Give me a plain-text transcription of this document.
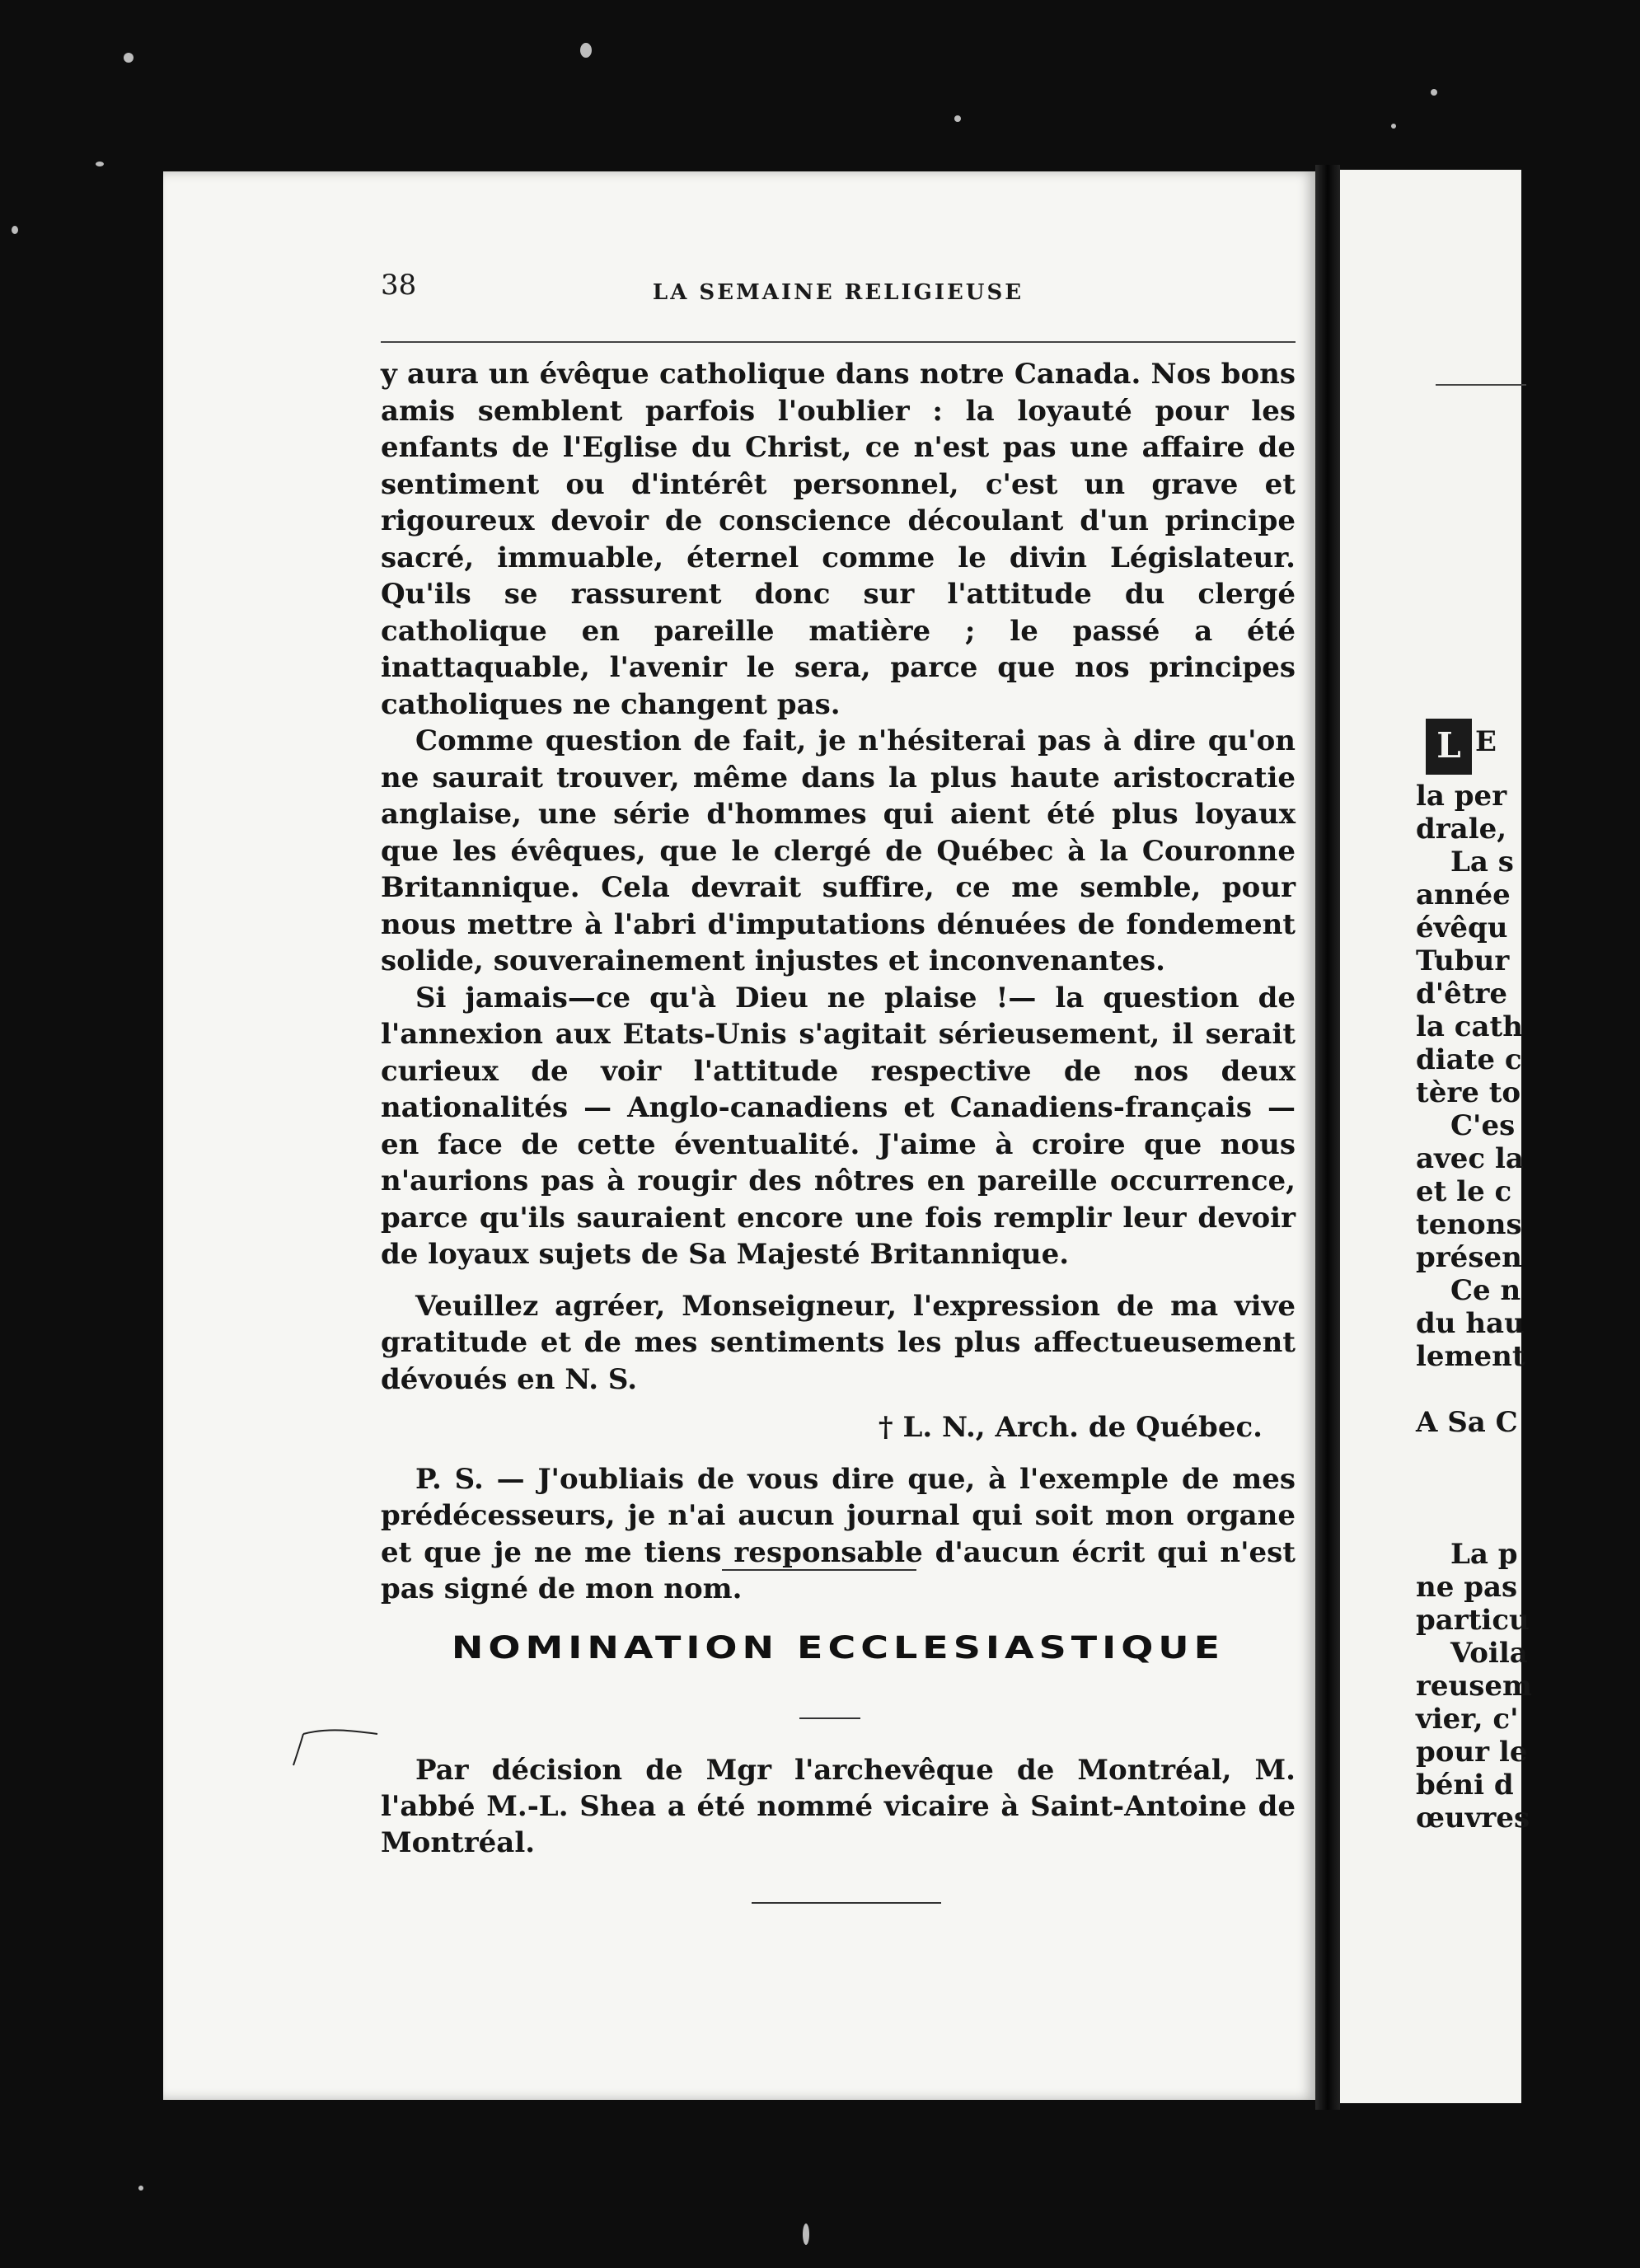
L E
la per
drale,
La s
année
évêqu
Tubur
d'être
la cath
diate c
tère to
C'es
avec la
et le c
tenons
présen
Ce n
du hau
lement
A Sa C
La p
ne pas
particu
Voila
reusem
vier, c'
pour le
béni d
œuvres
38	LA SEMAINE RELIGIEUSE

y aura un évêque catholique dans notre Canada. Nos bons amis semblent parfois l'oublier : la loyauté pour les enfants de l'Eglise du Christ, ce n'est pas une affaire de sentiment ou d'intérêt personnel, c'est un grave et rigoureux devoir de conscience découlant d'un principe sacré, immuable, éternel comme le divin Législateur. Qu'ils se rassurent donc sur l'attitude du clergé catholique en pareille matière ; le passé a été inattaquable, l'avenir le sera, parce que nos principes catholiques ne changent pas.

Comme question de fait, je n'hésiterai pas à dire qu'on ne saurait trouver, même dans la plus haute aristocratie anglaise, une série d'hommes qui aient été plus loyaux que les évêques, que le clergé de Québec à la Couronne Britannique. Cela devrait suffire, ce me semble, pour nous mettre à l'abri d'imputations dénuées de fondement solide, souverainement injustes et inconvenantes.

Si jamais—ce qu'à Dieu ne plaise !— la question de l'annexion aux Etats-Unis s'agitait sérieusement, il serait curieux de voir l'attitude respective de nos deux nationalités — Anglo-canadiens et Canadiens-français — en face de cette éventualité. J'aime à croire que nous n'aurions pas à rougir des nôtres en pareille occurrence, parce qu'ils sauraient encore une fois remplir leur devoir de loyaux sujets de Sa Majesté Britannique.

Veuillez agréer, Monseigneur, l'expression de ma vive gratitude et de mes sentiments les plus affectueusement dévoués en N. S.

† L. N., Arch. de Québec.

P. S. — J'oubliais de vous dire que, à l'exemple de mes prédécesseurs, je n'ai aucun journal qui soit mon organe et que je ne me tiens responsable d'aucun écrit qui n'est pas signé de mon nom.

NOMINATION ECCLESIASTIQUE
Par décision de Mgr l'archevêque de Montréal, M. l'abbé M.-L. Shea a été nommé vicaire à Saint-Antoine de Montréal.
